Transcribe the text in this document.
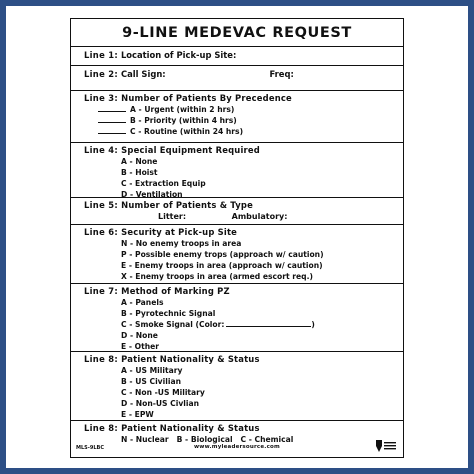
9-LINE MEDEVAC REQUEST
Line 1: Location of Pick-up Site:
Line 2: Call Sign:	Freq:
Line 3: Number of Patients By Precedence
A - Urgent (within 2 hrs)
B - Priority (within 4 hrs)
C - Routine (within 24 hrs)
Line 4: Special Equipment Required
A - None
B - Hoist
C - Extraction Equip
D - Ventilation
Line 5: Number of Patients & Type
Litter:	Ambulatory:
Line 6: Security at Pick-up Site
N - No enemy troops in area
P - Possible enemy trops (approach w/ caution)
E - Enemy troops in area (approach w/ caution)
X - Enemy troops in area (armed escort req.)
Line 7: Method of Marking PZ
A - Panels
B - Pyrotechnic Signal
C - Smoke Signal (Color:	)
D - None
E - Other
Line 8: Patient Nationality & Status
A - US Military
B - US Civilian
C - Non -US Military
D - Non-US Civlian
E - EPW
Line 8: Patient Nationality & Status
N - Nuclear B - Biological C - Chemical
MLS-9LBC	www.myleadersource.com
